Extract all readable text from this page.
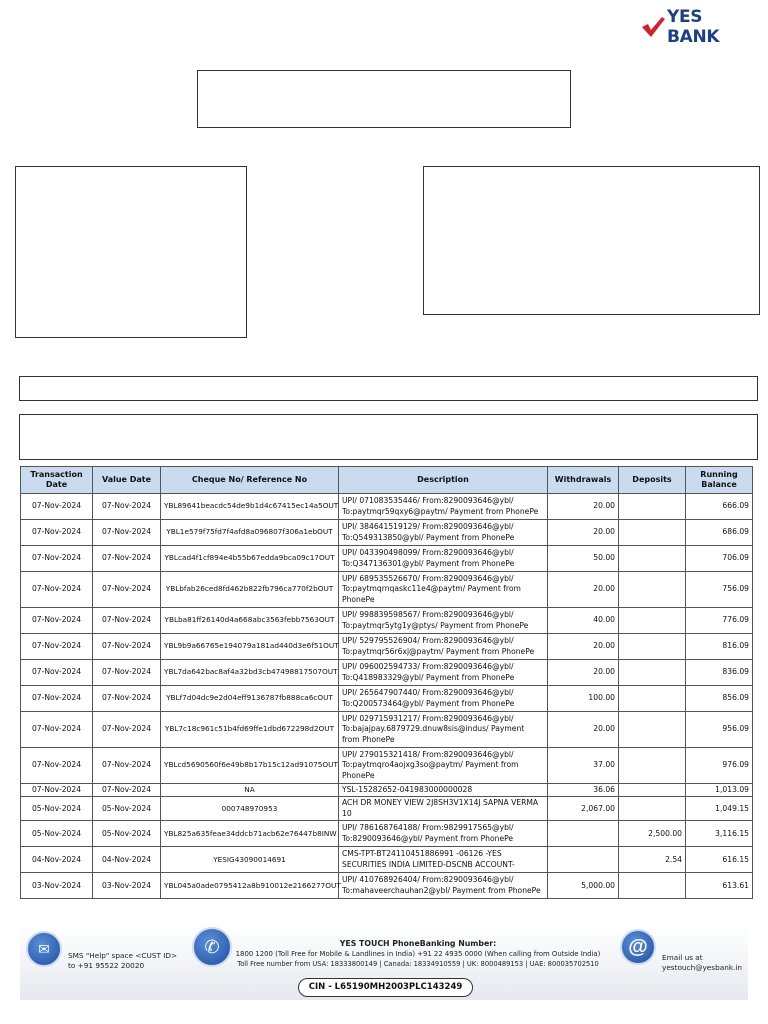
YES BANK
Transaction Date	Value Date	Cheque No/ Reference No	Description	Withdrawals	Deposits	Running Balance
07-Nov-2024	07-Nov-2024	YBL89641beacdc54de9b1d4c67415ec14a5OUT	UPI/ 071083535446/ From:8290093646@ybl/ To:paytmqr59qxy6@paytm/ Payment from PhonePe	20.00		666.09
07-Nov-2024	07-Nov-2024	YBL1e579f75fd7f4afd8a096807f306a1ebOUT	UPI/ 384641519129/ From:8290093646@ybl/ To:Q549313850@ybl/ Payment from PhonePe	20.00		686.09
07-Nov-2024	07-Nov-2024	YBLcad4f1cf894e4b55b67edda9bca09c17OUT	UPI/ 043390498099/ From:8290093646@ybl/ To:Q347136301@ybl/ Payment from PhonePe	50.00		706.09
07-Nov-2024	07-Nov-2024	YBLbfab26ced8fd462b822fb796ca770f2bOUT	UPI/ 689535526670/ From:8290093646@ybl/ To:paytmqrnqaskc11e4@paytm/ Payment from PhonePe	20.00		756.09
07-Nov-2024	07-Nov-2024	YBLba81ff26140d4a668abc3563febb7563OUT	UPI/ 998839598567/ From:8290093646@ybl/ To:paytmqr5ytg1y@ptys/ Payment from PhonePe	40.00		776.09
07-Nov-2024	07-Nov-2024	YBL9b9a66765e194079a181ad440d3e6f51OUT	UPI/ 529795526904/ From:8290093646@ybl/ To:paytmqr56r6xj@paytm/ Payment from PhonePe	20.00		816.09
07-Nov-2024	07-Nov-2024	YBL7da642bac8af4a32bd3cb47498817507OUT	UPI/ 096002594733/ From:8290093646@ybl/ To:Q418983329@ybl/ Payment from PhonePe	20.00		836.09
07-Nov-2024	07-Nov-2024	YBLf7d04dc9e2d04eff9136787fb888ca6cOUT	UPI/ 265647907440/ From:8290093646@ybl/ To:Q200573464@ybl/ Payment from PhonePe	100.00		856.09
07-Nov-2024	07-Nov-2024	YBL7c18c961c51b4fd69ffe1dbd672298d2OUT	UPI/ 029715931217/ From:8290093646@ybl/ To:bajajpay.6879729.dnuw8sis@indus/ Payment from PhonePe	20.00		956.09
07-Nov-2024	07-Nov-2024	YBLcd5690560f6e49b8b17b15c12ad91075OUT	UPI/ 279015321418/ From:8290093646@ybl/ To:paytmqro4aojxg3so@paytm/ Payment from PhonePe	37.00		976.09
07-Nov-2024	07-Nov-2024	NA	YSL-15282652-041983000000028	36.06		1,013.09
05-Nov-2024	05-Nov-2024	000748970953	ACH DR MONEY VIEW 2J8SH3V1X14J SAPNA VERMA 10	2,067.00		1,049.15
05-Nov-2024	05-Nov-2024	YBL825a635feae34ddcb71acb62e76447b8INW	UPI/ 786168764188/ From:9829917565@ybl/ To:8290093646@ybl/ Payment from PhonePe		2,500.00	3,116.15
04-Nov-2024	04-Nov-2024	YESIG43090014691	CMS-TPT-BT24110451886991 -06126 -YES SECURITIES INDIA LIMITED-DSCNB ACCOUNT-		2.54	616.15
03-Nov-2024	03-Nov-2024	YBL045a0ade0795412a8b910012e2166277OUT	UPI/ 410768926404/ From:8290093646@ybl/ To:mahaveerchauhan2@ybl/ Payment from PhonePe	5,000.00		613.61
✉	SMS "Help" space <CUST ID>
to +91 95522 20020
✆	YES TOUCH PhoneBanking Number:
1800 1200 (Toll Free for Mobile & Landlines in India) +91 22 4935 0000 (When calling from Outside India)
Toll Free number from USA: 18333800149 | Canada: 18334910559 | UK: 8000489153 | UAE: 800035702510
@	Email us at
yestouch@yesbank.in
CIN - L65190MH2003PLC143249
